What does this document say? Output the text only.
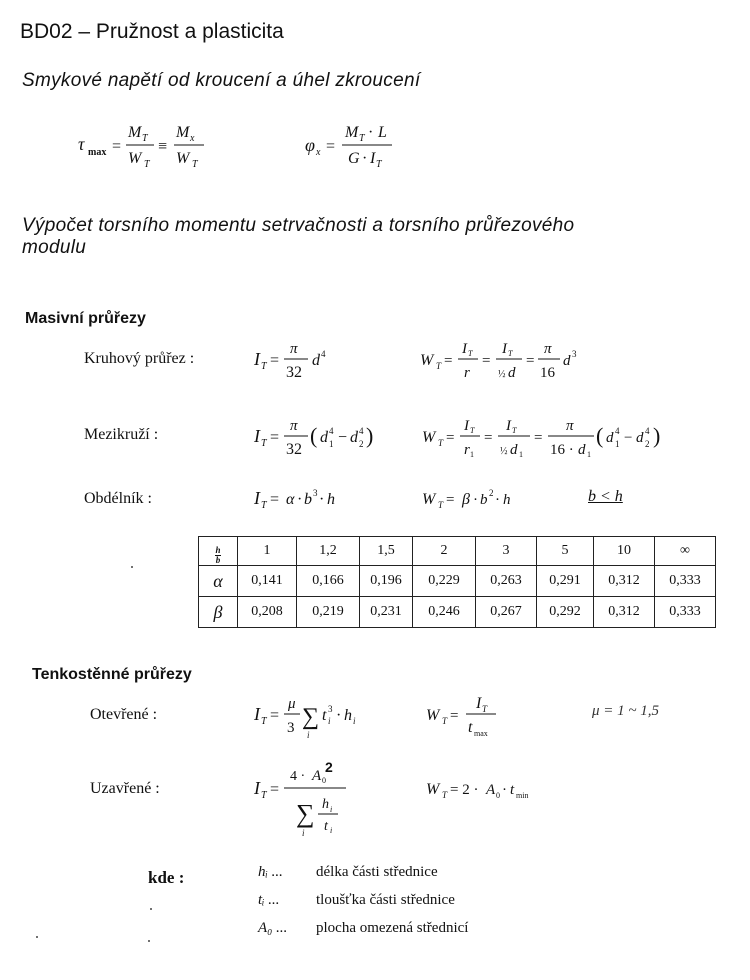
BD02 – Pružnost a plasticita
Smykové napětí od kroucení a úhel zkroucení
τ max =
M T
W T
≡
M x
W T
φ x =
M T · L
G · I T
Výpočet torsního momentu setrvačnosti a torsního průřezového
modulu
Masivní průřezy
Kruhový průřez :	I T =
π
32
d 4	W T =
I T
r
=
I T
½ d
=
π
16
d 3
Mezikruží :	I T =
π
32
( d 4
1 − d 4
2 )	W T =
I T
r 1
=
I T
½ d 1
=
π
16 · d 1
( d 4
1 − d 4
2 )
Obdélník :	I T = α · b 3 · h	W T = β · b 2 · h	b < h
$\frac{h}{b}$	1	1,2	1,5	2	3	5	10	∞
α	0,141	0,166	0,196	0,229	0,263	0,291	0,312	0,333
β	0,208	0,219	0,231	0,246	0,267	0,292	0,312	0,333
Tenkostěnné průřezy
Otevřené :	I T =
μ
3 ∑
i
t i
3 · h i	W T =
I T
t max
μ = 1 ~ 1,5
Uzavřené :	I T =
4 · A 0
2
∑
i
h i
t i
W T = 2 · A 0 · t min
kde :	hᵢ ... délka části střednice
tᵢ ... tloušťka části střednice
A₀ ... plocha omezená střednicí
